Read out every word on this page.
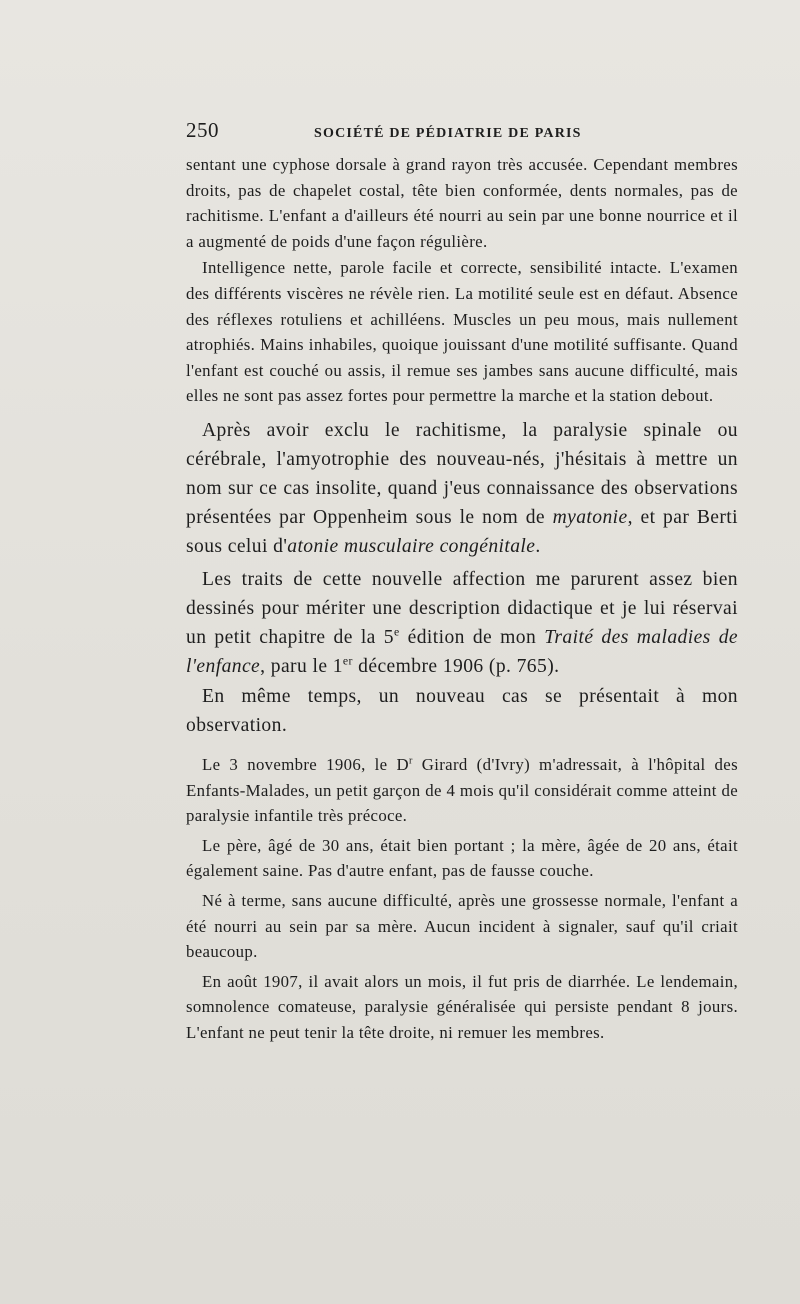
250	SOCIÉTÉ DE PÉDIATRIE DE PARIS

sentant une cyphose dorsale à grand rayon très accusée. Cependant membres droits, pas de chapelet costal, tête bien conformée, dents normales, pas de rachitisme. L'enfant a d'ailleurs été nourri au sein par une bonne nourrice et il a augmenté de poids d'une façon régulière.

Intelligence nette, parole facile et correcte, sensibilité intacte. L'examen des différents viscères ne révèle rien. La motilité seule est en défaut. Absence des réflexes rotuliens et achilléens. Muscles un peu mous, mais nullement atrophiés. Mains inhabiles, quoique jouissant d'une motilité suffisante. Quand l'enfant est couché ou assis, il remue ses jambes sans aucune difficulté, mais elles ne sont pas assez fortes pour permettre la marche et la station debout.

Après avoir exclu le rachitisme, la paralysie spinale ou cérébrale, l'amyotrophie des nouveau-nés, j'hésitais à mettre un nom sur ce cas insolite, quand j'eus connaissance des observations présentées par Oppenheim sous le nom de myatonie, et par Berti sous celui d'atonie musculaire congénitale.

Les traits de cette nouvelle affection me parurent assez bien dessinés pour mériter une description didactique et je lui réservai un petit chapitre de la 5e édition de mon Traité des maladies de l'enfance, paru le 1er décembre 1906 (p. 765).

En même temps, un nouveau cas se présentait à mon observation.

Le 3 novembre 1906, le $D^r$ Girard (d'Ivry) m'adressait, à l'hôpital des Enfants-Malades, un petit garçon de 4 mois qu'il considérait comme atteint de paralysie infantile très précoce.

Le père, âgé de 30 ans, était bien portant ; la mère, âgée de 20 ans, était également saine. Pas d'autre enfant, pas de fausse couche.

Né à terme, sans aucune difficulté, après une grossesse normale, l'enfant a été nourri au sein par sa mère. Aucun incident à signaler, sauf qu'il criait beaucoup.

En août 1907, il avait alors un mois, il fut pris de diarrhée. Le lendemain, somnolence comateuse, paralysie généralisée qui persiste pendant 8 jours. L'enfant ne peut tenir la tête droite, ni remuer les membres.
